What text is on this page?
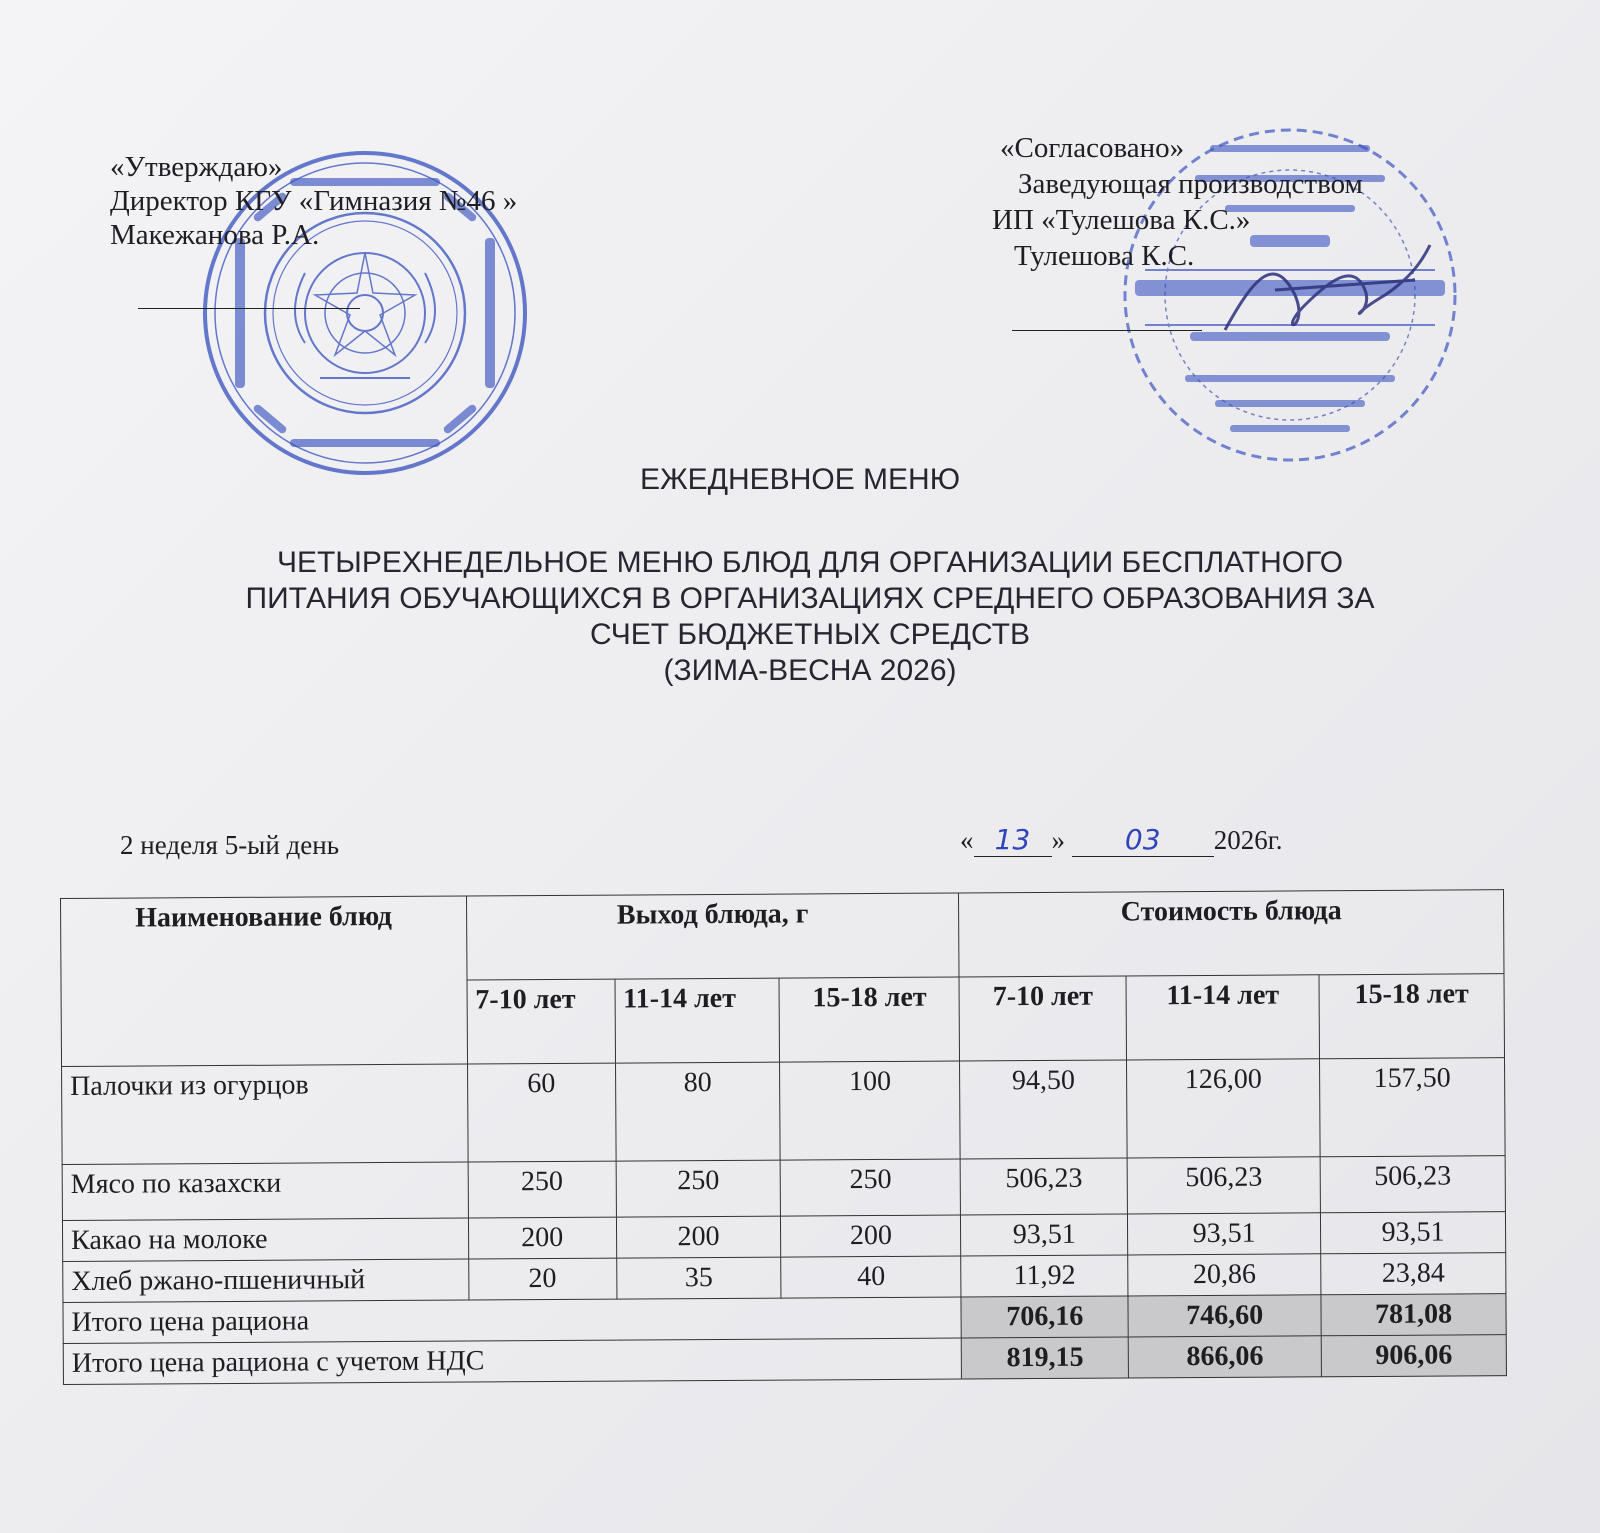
«Утверждаю»
Директор КГУ «Гимназия №46 »
Макежанова Р.А.
«Согласовано»
Заведующая производством
ИП «Тулешова К.С.»
Тулешова К.С.
ЕЖЕДНЕВНОЕ МЕНЮ
ЧЕТЫРЕХНЕДЕЛЬНОЕ МЕНЮ БЛЮД ДЛЯ ОРГАНИЗАЦИИ БЕСПЛАТНОГО
ПИТАНИЯ ОБУЧАЮЩИХСЯ В ОРГАНИЗАЦИЯХ СРЕДНЕГО ОБРАЗОВАНИЯ ЗА
СЧЕТ БЮДЖЕТНЫХ СРЕДСТВ
(ЗИМА-ВЕСНА 2026)
2 неделя 5-ый день	« 13 » 03 2026г.
Наименование блюд	Выход блюда, г			Стоимость блюда		
	7-10 лет	11-14 лет	15-18 лет	7-10 лет	11-14 лет	15-18 лет
Палочки из огурцов	60	80	100	94,50	126,00	157,50
Мясо по казахски	250	250	250	506,23	506,23	506,23
Какао на молоке	200	200	200	93,51	93,51	93,51
Хлеб ржано-пшеничный	20	35	40	11,92	20,86	23,84
Итого цена рациона				706,16	746,60	781,08
Итого цена рациона с учетом НДС				819,15	866,06	906,06
